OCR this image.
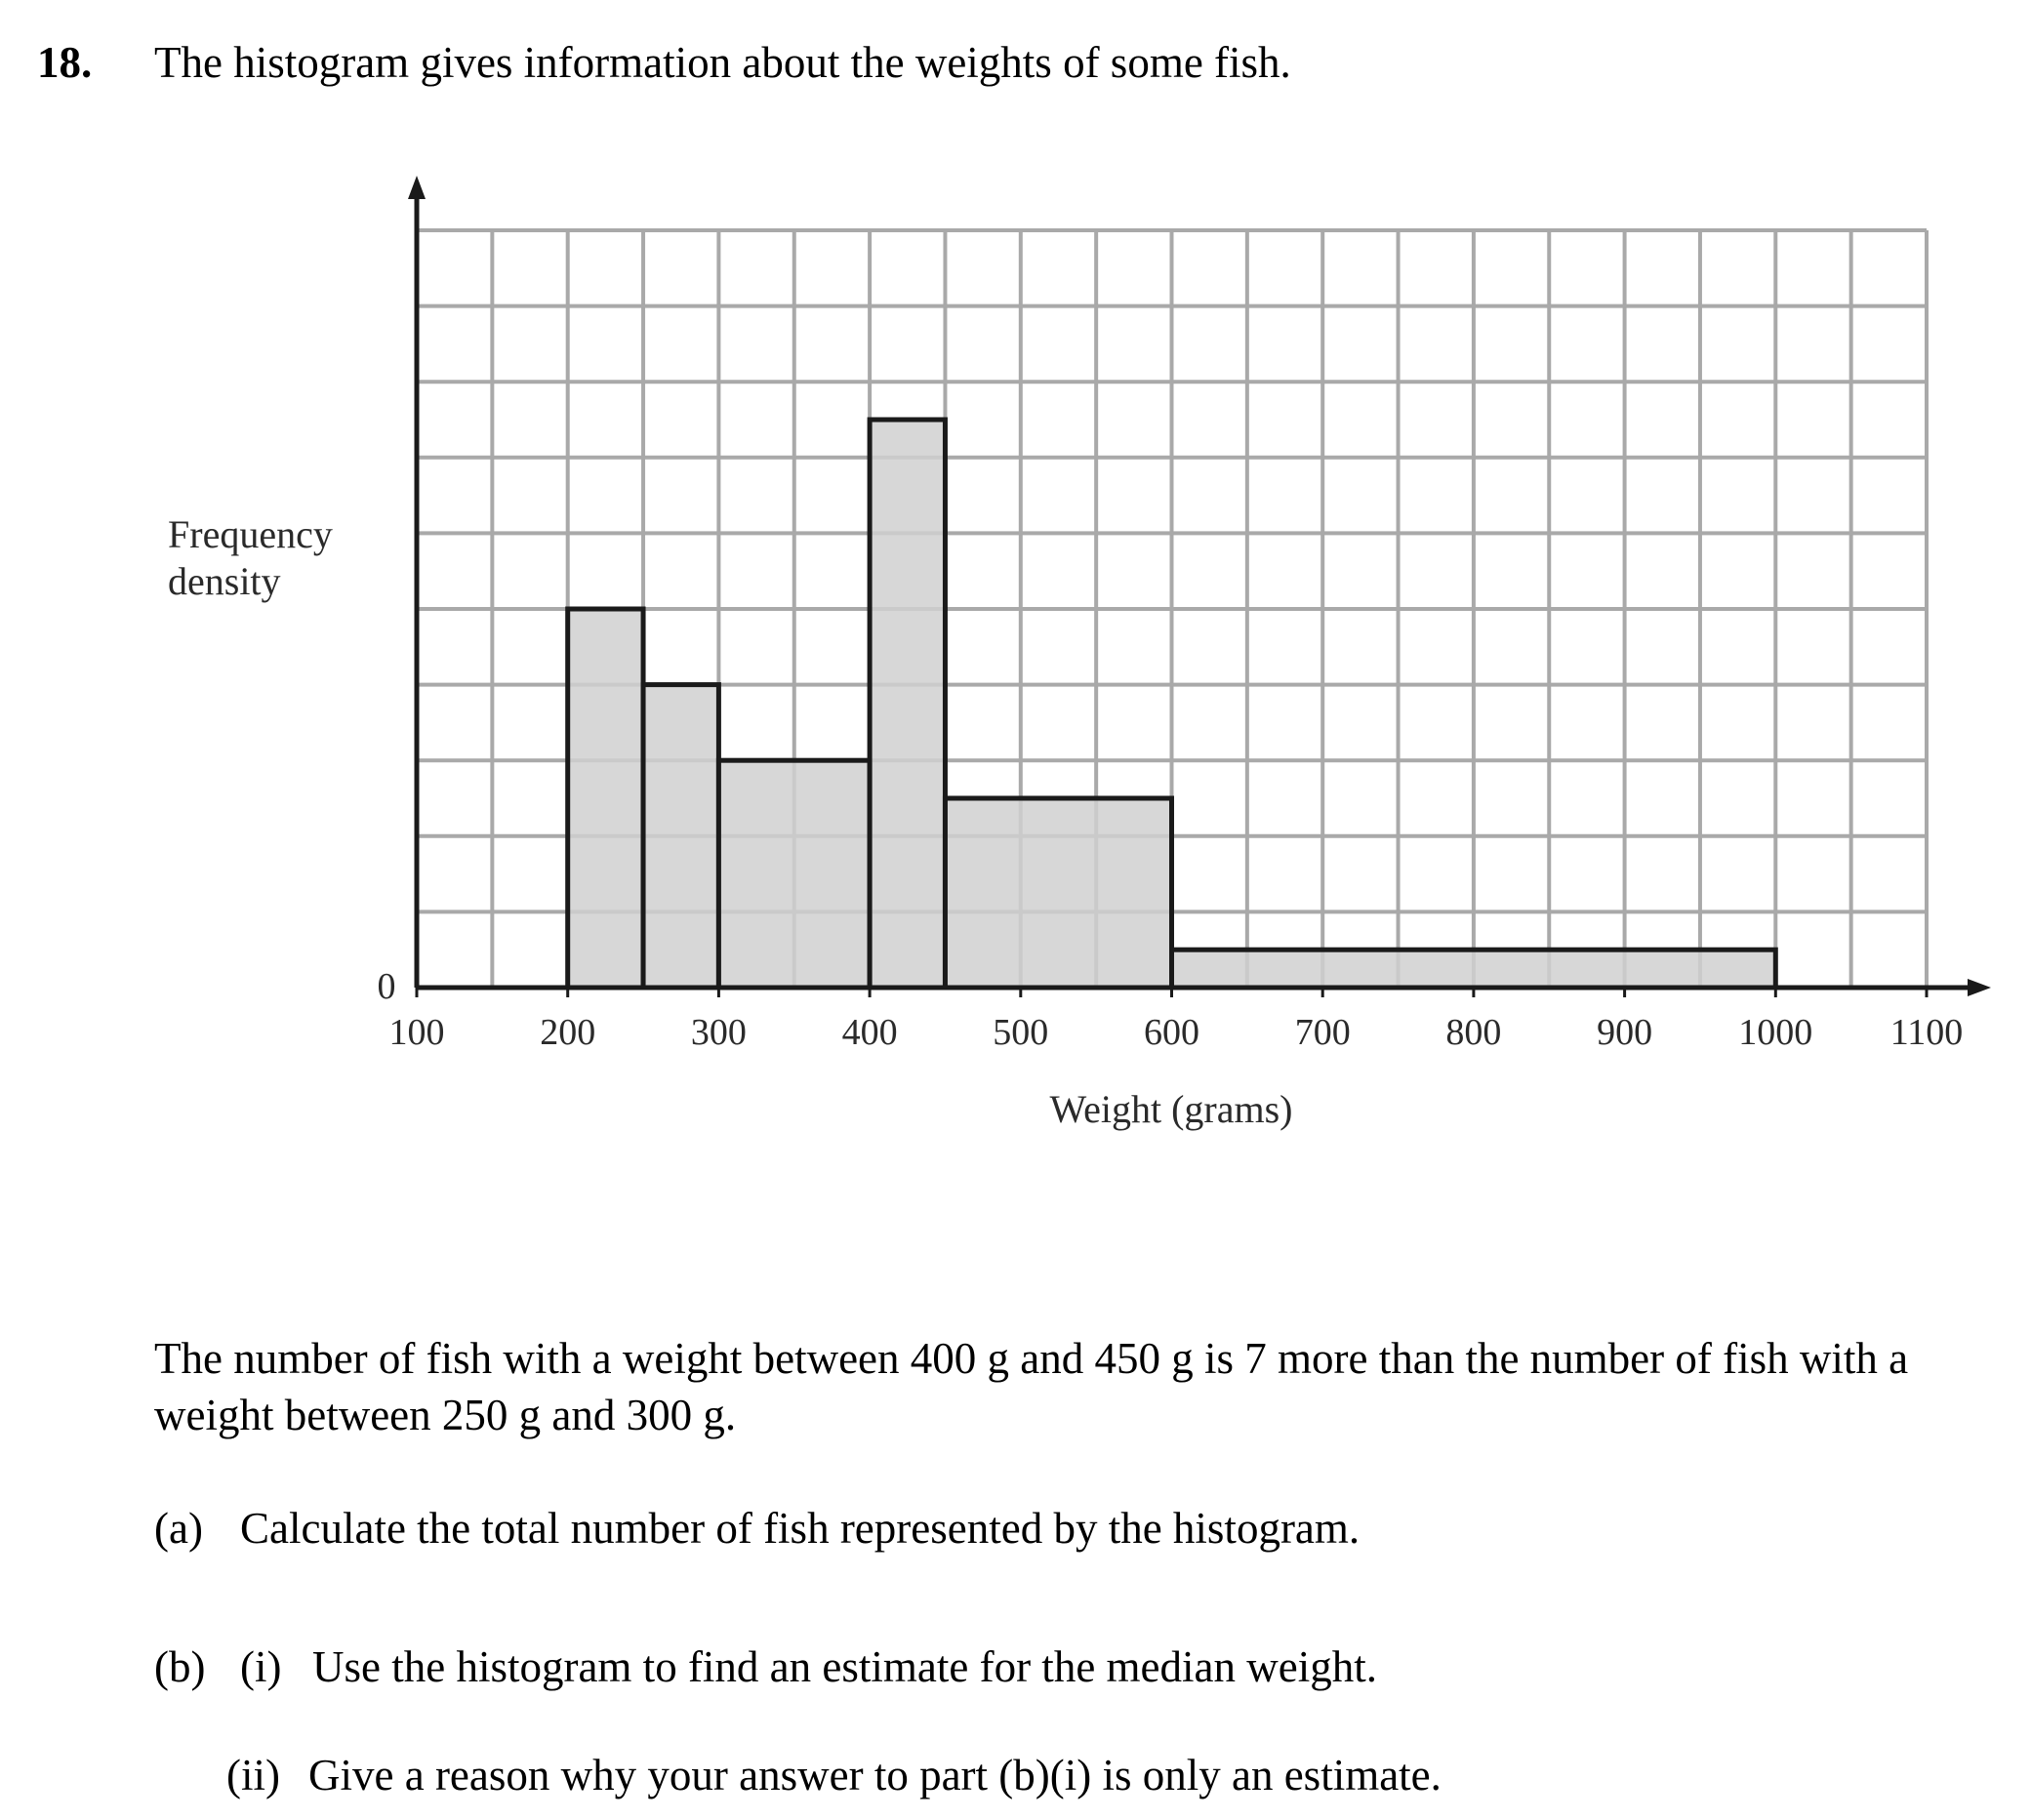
18. The histogram gives information about the weights of some fish.
100	200	300	400	500	600	700	800	900 1000 1100
Frequency
density
0
Weight (grams)
The number of fish with a weight between 400 g and 450 g is 7 more than the number of fish with a weight between 250 g and 300 g.
(a) Calculate the total number of fish represented by the histogram.
(b) (i) Use the histogram to find an estimate for the median weight.
(ii) Give a reason why your answer to part (b)(i) is only an estimate.
